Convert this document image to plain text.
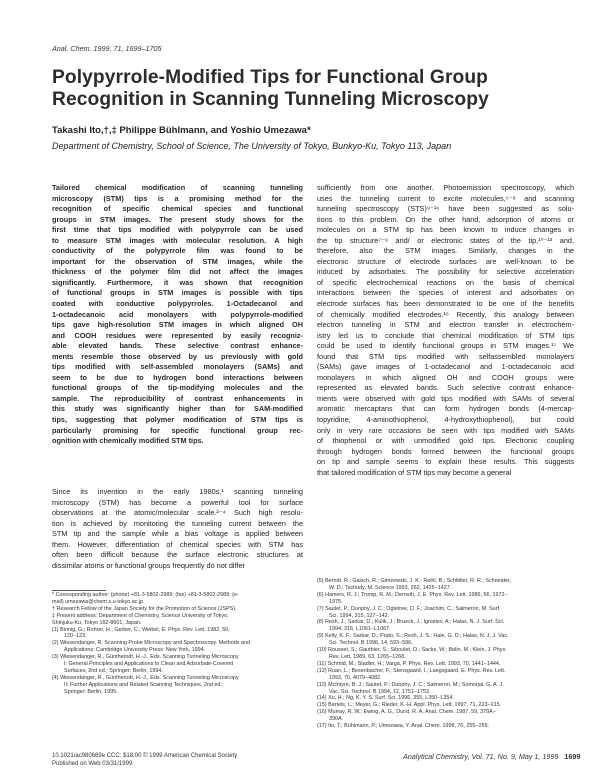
Anal. Chem. 1999, 71, 1699–1705
Polypyrrole-Modified Tips for Functional Group
Recognition in Scanning Tunneling Microscopy
Takashi Ito,†,‡ Philippe Bühlmann, and Yoshio Umezawa*
Department of Chemistry, School of Science, The University of Tokyo, Bunkyo-Ku, Tokyo 113, Japan
Tailored chemical modification of scanning tunneling
microscopy (STM) tips is a promising method for the
recognition of specific chemical species and functional
groups in STM images. The present study shows for the
first time that tips modified with polypyrrole can be used
to measure STM images with molecular resolution. A high
conductivity of the polypyrrole film was found to be
important for the observation of STM images, while the
thickness of the polymer film did not affect the images
significantly. Furthermore, it was shown that recognition
of functional groups in STM images is possible with tips
coated with conductive polypyrroles. 1-Octadecanol and
1-octadecanoic acid monolayers with polypyrrole-modified
tips gave high-resolution STM images in which aligned OH
and COOH residues were represented by easily recogniz-
able elevated bands. These selective contrast enhance-
ments resemble those observed by us previously with gold
tips modified with self-assembled monolayers (SAMs) and
seem to be due to hydrogen bond interactions between
functional groups of the tip-modifying molecules and the
sample. The reproducibility of contrast enhancements in
this study was significantly higher than for SAM-modified
tips, suggesting that polymer modification of STM tips is
particularly promising for specific functional group rec-
ognition with chemically modified STM tips.
Since its invention in the early 1980s,¹ scanning tunneling
microscopy (STM) has become a powerful tool for surface
observations at the atomic/molecular scale.²⁻⁴ Such high resolu-
tion is achieved by monitoring the tunneling current between the
STM tip and the sample while a bias voltage is applied between
them. However, differentiation of chemical species with STM has
often been difficult because the surface electronic structures at
dissimilar atoms or functional groups frequently do not differ
sufficiently from one another. Photoemission spectroscopy, which
uses the tunneling current to excite molecules,⁵⁻⁸ and scanning
tunneling spectroscopy (STS)⁹⁻¹⁶ have been suggested as solu-
tions to this problem. On the other hand, adsorption of atoms or
molecules on a STM tip has been known to induce changes in
the tip structure⁷⁻⁹ and/ or electronic states of the tip,¹⁰⁻¹³ and,
therefore, also the STM images. Similarly, changes in the
electronic structure of electrode surfaces are well-known to be
induced by adsorbates. The possibility for selective acceleration
of specific electrochemical reactions on the basis of chemical
interactions between the species of interest and adsorbates on
electrode surfaces has been demonstrated to be one of the benefits
of chemically modified electrodes.¹⁶ Recently, this analogy between
electron tunneling in STM and electron transfer in electrochem-
istry led us to conclude that chemical modification of STM tips
could be used to identify functional groups in STM images.¹⁷ We
found that STM tips modified with selfassembled monolayers
(SAMs) gave images of 1-octadecanol and 1-octadecanoic acid
monolayers in which aligned OH and COOH groups were
represented as elevated bands. Such selective contrast enhance-
ments were observed with gold tips modified with SAMs of several
aromatic mercaptans that can form hydrogen bonds (4-mercap-
topyridine, 4-aminothiophenol, 4-hydroxythiophenol), but could
only in very rare occasions be seen with tips modified with SAMs
of thiophenol or with unmodified gold tips. Electronic coupling
through hydrogen bonds formed between the functional groups
on tip and sample seems to explain these results. This suggests
that tailored modification of STM tips may become a general
* Corresponding author: (phone) +81-3-5802-2989; (fax) +81-3-5802-2989; (e-
mail) umezawa@chem.s.u-tokyo.ac.jp.
† Research Fellow of the Japan Society for the Promotion of Science (JSPS).
‡ Present address: Department of Chemistry, Science University of Tokyo,
Shinjuku-Ku, Tokyo 162-8601, Japan.
(1) Binnig, G.; Rohrer, H.; Gerber, C.; Weibel, E. Phys. Rev. Lett. 1982, 50,
120−123.
(2) Wiesendanger, R. Scanning Probe Microscopy and Spectroscopy. Methods and
Applications; Cambridge University Press: New York, 1994.
(3) Wiesendanger, R., Güntherodt, H.-J., Eds. Scanning Tunneling Microscopy
I: General Principles and Applications to Clean and Adsorbate-Covered
Surfaces, 2nd ed.; Springer: Berlin, 1994.
(4) Wiesendanger, R., Güntherodt, H.-J., Eds. Scanning Tunneling Microscopy
II: Further Applications and Related Scanning Techniques, 2nd ed.;
Springer: Berlin, 1995.
(5) Berndt, R.; Gaisch, R.; Gimzewski, J. K.; Reihl, B.; Schlittler, R. R.; Schneider,
W. D.; Tschudy, M. Science 1993, 262, 1425−1427.
(6) Hamers, R. J.; Tromp, R. M.; Demuth, J. E. Phys. Rev. Lett. 1986, 56, 1972−
1975.
(7) Sautet, P.; Dunphy, J. C.; Ogletree, D. F.; Joachim, C.; Salmeron, M. Surf.
Sci. 1994, 315, 127−142.
(8) Resh, J.; Sarkar, D.; Kulik, J.; Brueck, J.; Ignatiev, A.; Halas, N. J. Surf. Sci.
1994, 316, L1061−L1067.
(9) Kelly, K. F.; Sarkar, D.; Prato, S.; Resh, J. S.; Hale, G. D.; Halas, N. J. J. Vac.
Sci. Technol. B 1996, 14, 593−596.
(10) Rousset, S.; Gauthier, S.; Siboulet, O.; Sacks, W.; Belin, M.; Klein, J. Phys.
Rev. Lett. 1989, 63, 1265−1268.
(11) Schmid, M.; Stadler, H.; Varga, P. Phys. Rev. Lett. 1993, 70, 1441−1444.
(12) Ruan, L.; Besenbacher, F.; Stensgaard, I.; Laegsgaard, E. Phys. Rev. Lett.
1993, 70, 4079−4082.
(13) McIntyre, B. J.; Sautet, P.; Dunphy, J. C.; Salmeron, M.; Somorjai, G. A. J.
Vac. Sci. Technol. B 1994, 12, 1751−1753.
(14) Xu, H.; Ng, K. Y. S. Surf. Sci. 1996, 355, L350−L354.
(15) Bartels, L.; Meyer, G.; Rieder, K.-H. Appl. Phys. Lett. 1997, 71, 213−215.
(16) Murray, R. W.; Ewing, A. G.; Durst, R. A. Anal. Chem. 1987, 59, 379A−
390A.
(17) Ito, T.; Bühlmann, P.; Umezawa, Y. Anal. Chem. 1998, 70, 255−259.
10.1021/ac980689e CCC: $18.00 © 1999 American Chemical Society
Published on Web 03/31/1999
Analytical Chemistry, Vol. 71, No. 9, May 1, 1999 1699
